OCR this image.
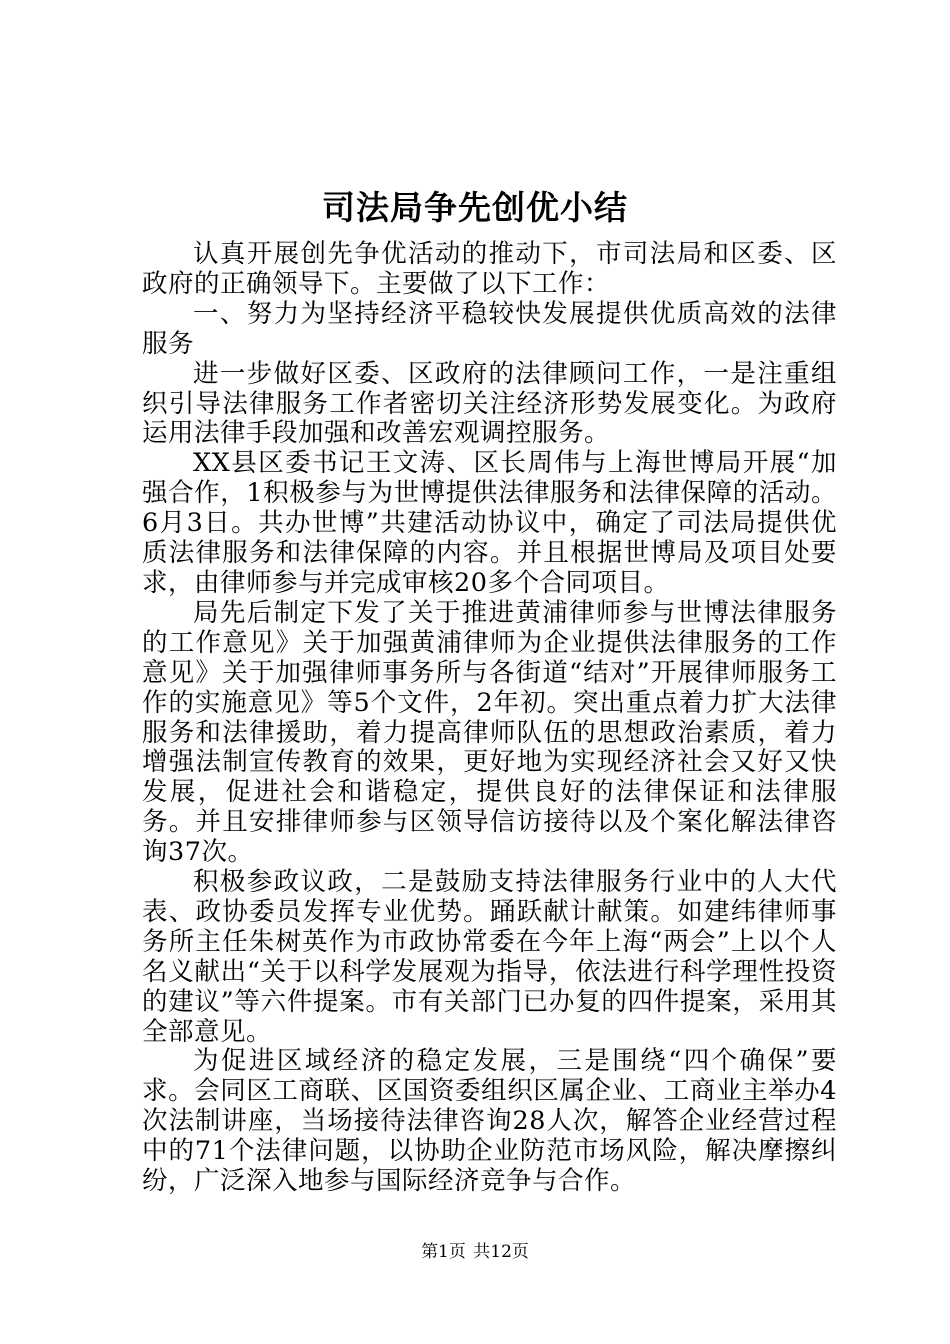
司法局争先创优小结

认真开展创先争优活动的推动下，市司法局和区委、区政府的正确领导下。主要做了以下工作：

一、努力为坚持经济平稳较快发展提供优质高效的法律服务

进一步做好区委、区政府的法律顾问工作，一是注重组织引导法律服务工作者密切关注经济形势发展变化。为政府运用法律手段加强和改善宏观调控服务。

XX县区委书记王文涛、区长周伟与上海世博局开展“加强合作，1积极参与为世博提供法律服务和法律保障的活动。6月3日。共办世博”共建活动协议中，确定了司法局提供优质法律服务和法律保障的内容。并且根据世博局及项目处要求，由律师参与并完成审核20多个合同项目。

局先后制定下发了关于推进黄浦律师参与世博法律服务的工作意见》关于加强黄浦律师为企业提供法律服务的工作意见》关于加强律师事务所与各街道“结对”开展律师服务工作的实施意见》等5个文件，2年初。突出重点着力扩大法律服务和法律援助，着力提高律师队伍的思想政治素质，着力增强法制宣传教育的效果，更好地为实现经济社会又好又快发展，促进社会和谐稳定，提供良好的法律保证和法律服务。并且安排律师参与区领导信访接待以及个案化解法律咨询37次。

积极参政议政，二是鼓励支持法律服务行业中的人大代表、政协委员发挥专业优势。踊跃献计献策。如建纬律师事务所主任朱树英作为市政协常委在今年上海“两会”上以个人名义献出“关于以科学发展观为指导，依法进行科学理性投资的建议”等六件提案。市有关部门已办复的四件提案，采用其全部意见。

为促进区域经济的稳定发展，三是围绕“四个确保”要求。会同区工商联、区国资委组织区属企业、工商业主举办4次法制讲座，当场接待法律咨询28人次，解答企业经营过程中的71个法律问题，以协助企业防范市场风险，解决摩擦纠纷，广泛深入地参与国际经济竞争与合作。

第1页 共12页
